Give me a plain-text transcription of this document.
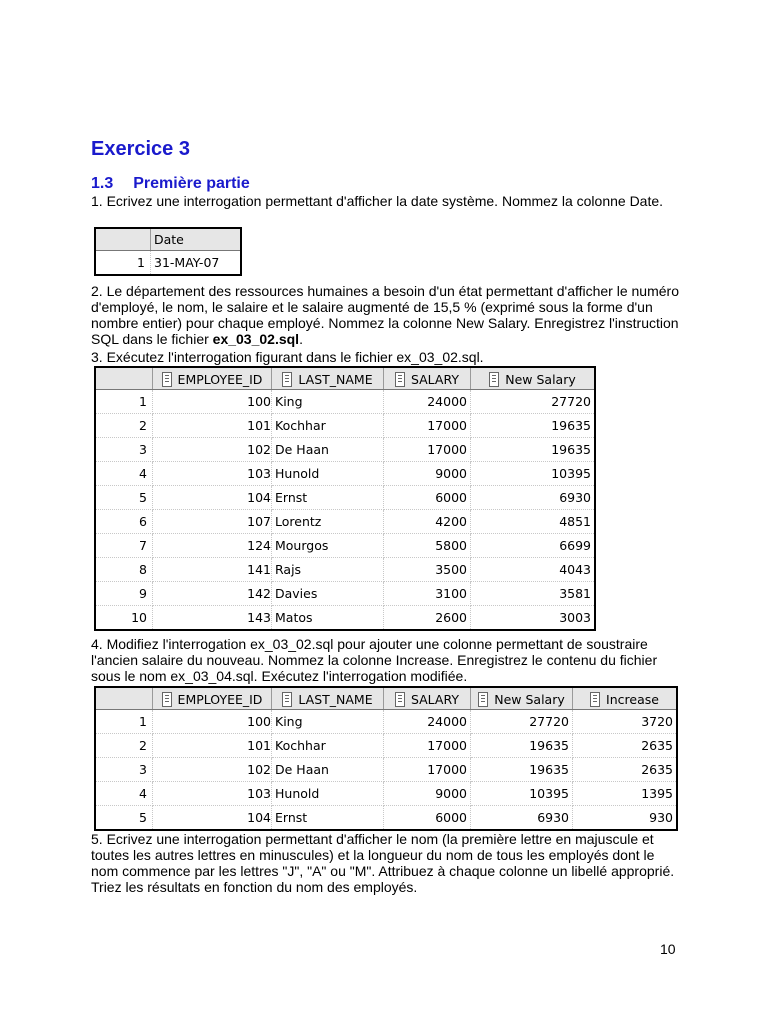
Exercice 3
1.3 Première partie
1. Ecrivez une interrogation permettant d'afficher la date système. Nommez la colonne Date.
	Date
1	31-MAY-07
2. Le département des ressources humaines a besoin d'un état permettant d'afficher le numéro d'employé, le nom, le salaire et le salaire augmenté de 15,5 % (exprimé sous la forme d'un nombre entier) pour chaque employé. Nommez la colonne New Salary. Enregistrez l'instruction SQL dans le fichier ex_03_02.sql.
3. Exécutez l'interrogation figurant dans le fichier ex_03_02.sql.
	EMPLOYEE_ID	LAST_NAME	SALARY	New Salary
1	100	King	24000	27720
2	101	Kochhar	17000	19635
3	102	De Haan	17000	19635
4	103	Hunold	9000	10395
5	104	Ernst	6000	6930
6	107	Lorentz	4200	4851
7	124	Mourgos	5800	6699
8	141	Rajs	3500	4043
9	142	Davies	3100	3581
10	143	Matos	2600	3003
4. Modifiez l'interrogation ex_03_02.sql pour ajouter une colonne permettant de soustraire l'ancien salaire du nouveau. Nommez la colonne Increase. Enregistrez le contenu du fichier sous le nom ex_03_04.sql. Exécutez l'interrogation modifiée.
	EMPLOYEE_ID	LAST_NAME	SALARY	New Salary	Increase
1	100	King	24000	27720	3720
2	101	Kochhar	17000	19635	2635
3	102	De Haan	17000	19635	2635
4	103	Hunold	9000	10395	1395
5	104	Ernst	6000	6930	930
5. Ecrivez une interrogation permettant d'afficher le nom (la première lettre en majuscule et toutes les autres lettres en minuscules) et la longueur du nom de tous les employés dont le nom commence par les lettres "J", "A" ou "M". Attribuez à chaque colonne un libellé approprié. Triez les résultats en fonction du nom des employés.
10
